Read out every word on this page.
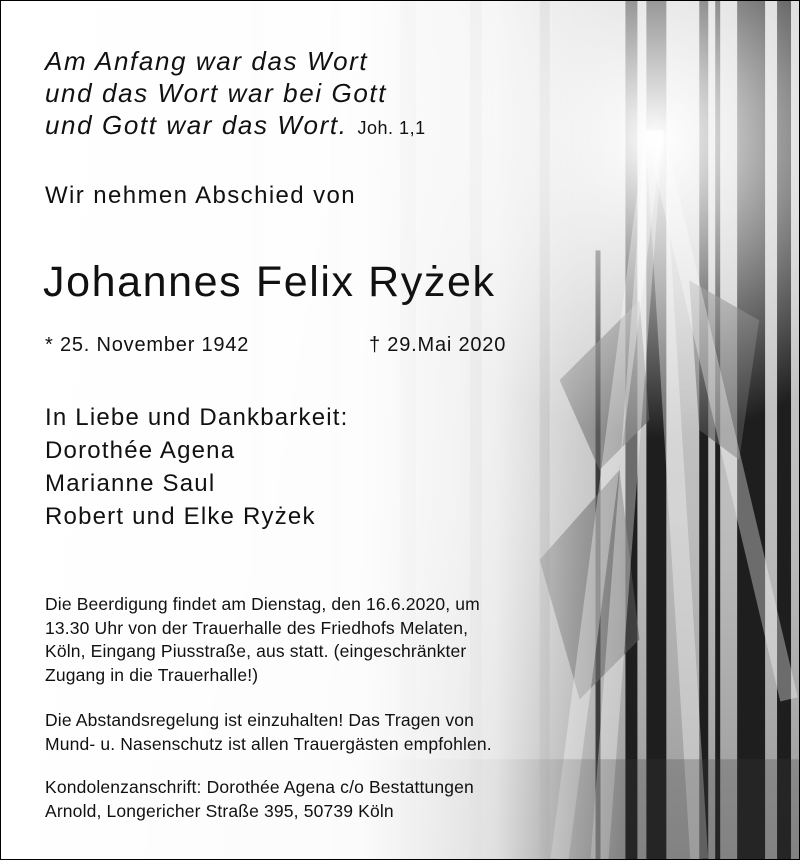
Am Anfang war das Wort

und das Wort war bei Gott

und Gott war das Wort. Joh. 1,1

Wir nehmen Abschied von

Johannes Felix Ryżek

* 25. November 1942	† 29.Mai 2020

In Liebe und Dankbarkeit:

Dorothée Agena

Marianne Saul

Robert und Elke Ryżek

Die Beerdigung findet am Dienstag, den 16.6.2020, um
13.30 Uhr von der Trauerhalle des Friedhofs Melaten,
Köln, Eingang Piusstraße, aus statt. (eingeschränkter
Zugang in die Trauerhalle!)
Die Abstandsregelung ist einzuhalten! Das Tragen von
Mund- u. Nasenschutz ist allen Trauergästen empfohlen.
Kondolenzanschrift: Dorothée Agena c/o Bestattungen
Arnold, Longericher Straße 395, 50739 Köln
